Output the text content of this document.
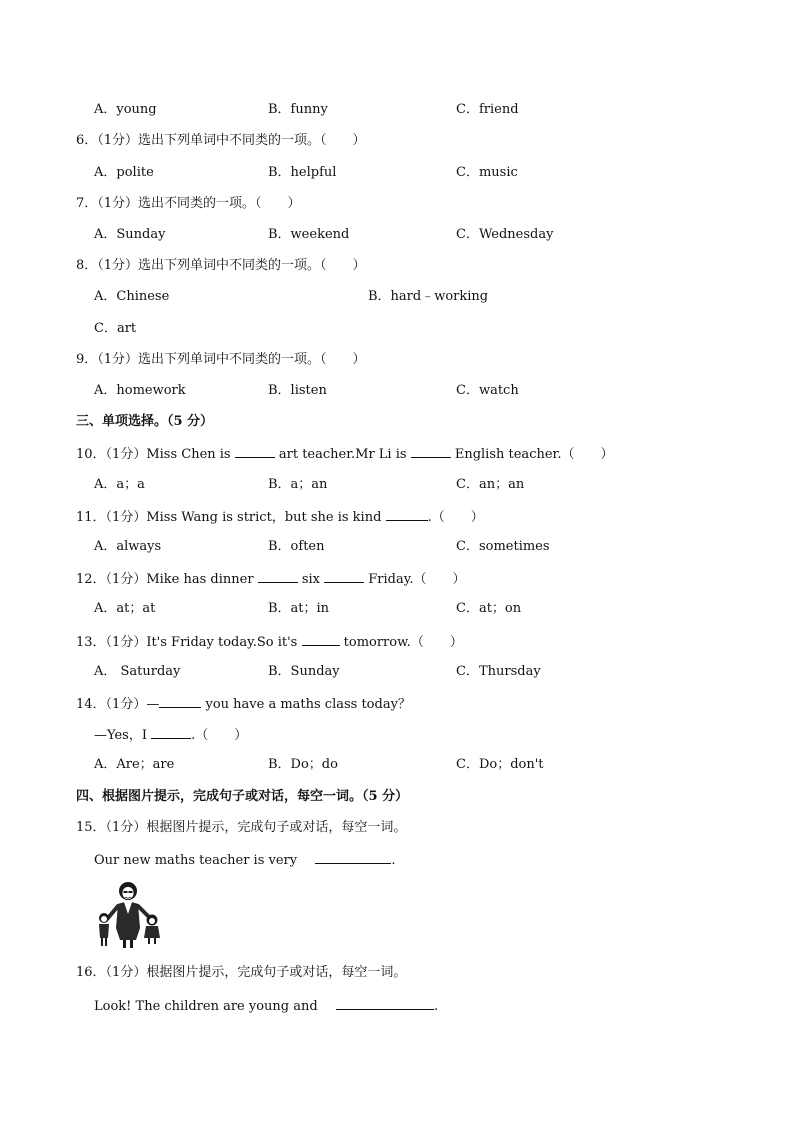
A．young	B．funny	C．friend
6．（1分）选出下列单词中不同类的一项。（　　）
A．polite	B．helpful	C．music
7．（1分）选出不同类的一项。（　　）
A．Sunday	B．weekend	C．Wednesday
8．（1分）选出下列单词中不同类的一项。（　　）
A．Chinese	B．hard﹣working
C．art
9．（1分）选出下列单词中不同类的一项。（　　）
A．homework	B．listen	C．watch
三、单项选择。（5 分）
10．（1分）Miss Chen is	art teacher.Mr Li is	English teacher.（　　）
A．a；a	B．a；an	C．an；an
11．（1分）Miss Wang is strict，but she is kind	.（　　）
A．always	B．often	C．sometimes
12．（1分）Mike has dinner	six	Friday.（　　）
A．at；at	B．at；in	C．at；on
13．（1分）It's Friday today.So it's	tomorrow.（　　）
A． Saturday	B．Sunday	C．Thursday
14．（1分）—	you have a maths class today？
—Yes，I	.（　　）
A．Are；are	B．Do；do	C．Do；don't
四、根据图片提示，完成句子或对话，每空一词。（5 分）
15．（1分）根据图片提示，完成句子或对话，每空一词。
Our new maths teacher is very	.
16．（1分）根据图片提示，完成句子或对话，每空一词。
Look! The children are young and	.
